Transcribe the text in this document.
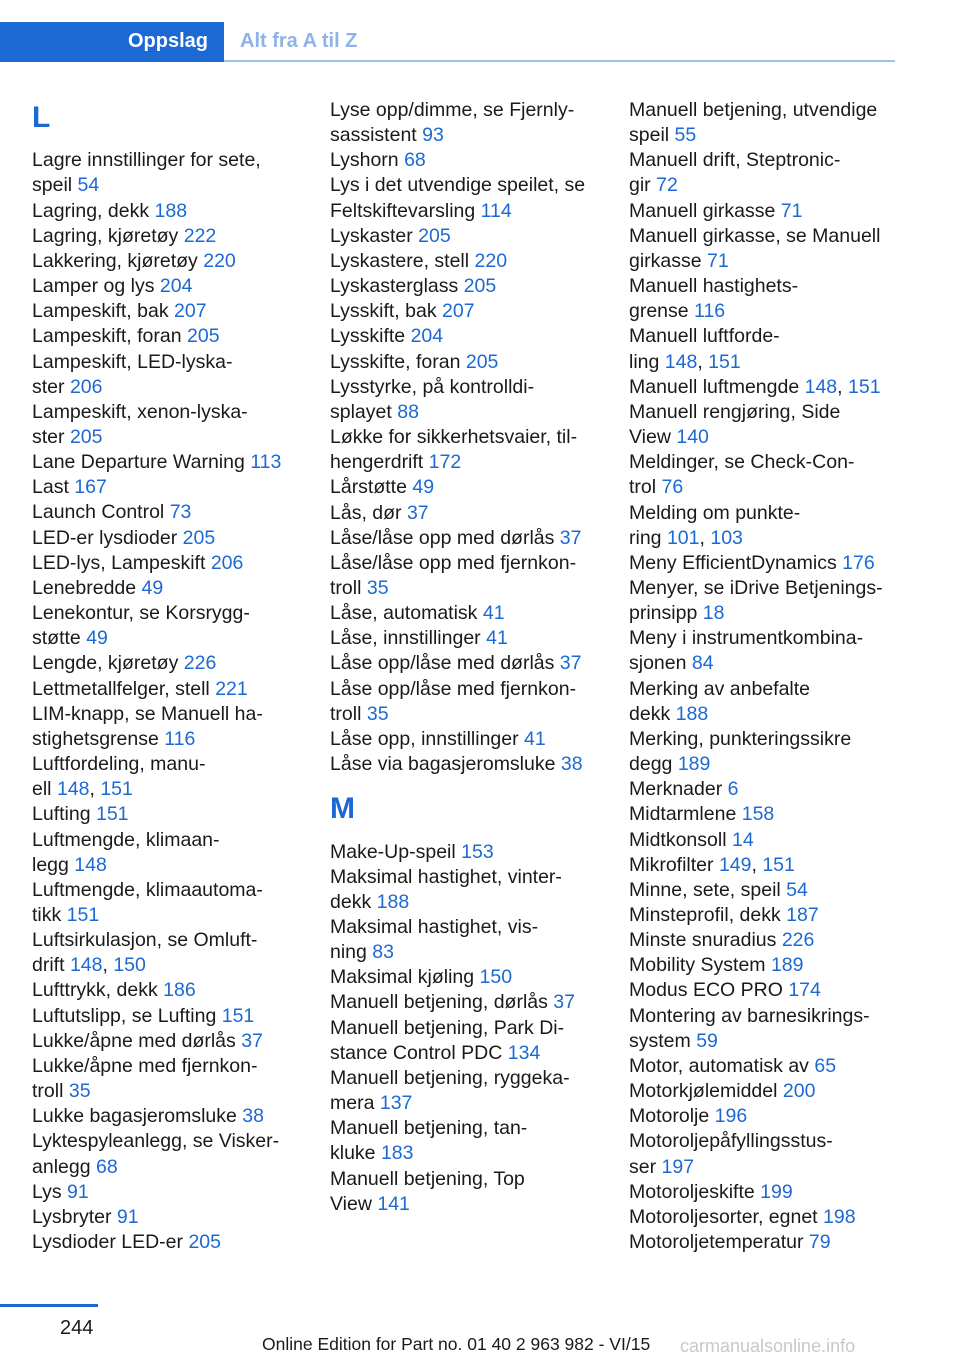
Oppslag Alt fra A til Z
L
Lagre innstillinger for sete,
speil 54
Lagring, dekk 188
Lagring, kjøretøy 222
Lakkering, kjøretøy 220
Lamper og lys 204
Lampeskift, bak 207
Lampeskift, foran 205
Lampeskift, LED-lyska-
ster 206
Lampeskift, xenon-lyska-
ster 205
Lane Departure Warning 113
Last 167
Launch Control 73
LED-er lysdioder 205
LED-lys, Lampeskift 206
Lenebredde 49
Lenekontur, se Korsrygg-
støtte 49
Lengde, kjøretøy 226
Lettmetallfelger, stell 221
LIM-knapp, se Manuell ha-
stighetsgrense 116
Luftfordeling, manu-
ell 148, 151
Lufting 151
Luftmengde, klimaan-
legg 148
Luftmengde, klimaautoma-
tikk 151
Luftsirkulasjon, se Omluft-
drift 148, 150
Lufttrykk, dekk 186
Luftutslipp, se Lufting 151
Lukke/åpne med dørlås 37
Lukke/åpne med fjernkon-
troll 35
Lukke bagasjeromsluke 38
Lyktespyleanlegg, se Visker-
anlegg 68
Lys 91
Lysbryter 91
Lysdioder LED-er 205
Lyse opp/dimme, se Fjernly-
sassistent 93
Lyshorn 68
Lys i det utvendige speilet, se
Feltskiftevarsling 114
Lyskaster 205
Lyskastere, stell 220
Lyskasterglass 205
Lysskift, bak 207
Lysskifte 204
Lysskifte, foran 205
Lysstyrke, på kontrolldi-
splayet 88
Løkke for sikkerhetsvaier, til-
hengerdrift 172
Lårstøtte 49
Lås, dør 37
Låse/låse opp med dørlås 37
Låse/låse opp med fjernkon-
troll 35
Låse, automatisk 41
Låse, innstillinger 41
Låse opp/låse med dørlås 37
Låse opp/låse med fjernkon-
troll 35
Låse opp, innstillinger 41
Låse via bagasjeromsluke 38
M
Make-Up-speil 153
Maksimal hastighet, vinter-
dekk 188
Maksimal hastighet, vis-
ning 83
Maksimal kjøling 150
Manuell betjening, dørlås 37
Manuell betjening, Park Di-
stance Control PDC 134
Manuell betjening, ryggeka-
mera 137
Manuell betjening, tan-
kluke 183
Manuell betjening, Top
View 141
Manuell betjening, utvendige
speil 55
Manuell drift, Steptronic-
gir 72
Manuell girkasse 71
Manuell girkasse, se Manuell
girkasse 71
Manuell hastighets-
grense 116
Manuell luftforde-
ling 148, 151
Manuell luftmengde 148, 151
Manuell rengjøring, Side
View 140
Meldinger, se Check-Con-
trol 76
Melding om punkte-
ring 101, 103
Meny EfficientDynamics 176
Menyer, se iDrive Betjenings-
prinsipp 18
Meny i instrumentkombina-
sjonen 84
Merking av anbefalte
dekk 188
Merking, punkteringssikre
degg 189
Merknader 6
Midtarmlene 158
Midtkonsoll 14
Mikrofilter 149, 151
Minne, sete, speil 54
Minsteprofil, dekk 187
Minste snuradius 226
Mobility System 189
Modus ECO PRO 174
Montering av barnesikrings-
system 59
Motor, automatisk av 65
Motorkjølemiddel 200
Motorolje 196
Motoroljepåfyllingsstus-
ser 197
Motoroljeskifte 199
Motoroljesorter, egnet 198
Motoroljetemperatur 79
244
Online Edition for Part no. 01 40 2 963 982 - VI/15 carmanualsonline.info
